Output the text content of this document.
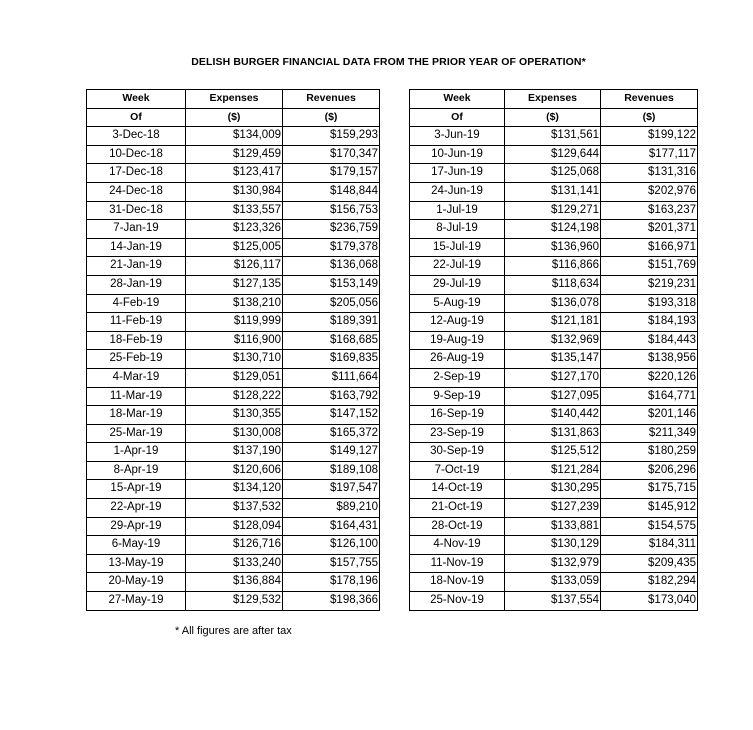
DELISH BURGER FINANCIAL DATA FROM THE PRIOR YEAR OF OPERATION*
Week	Expenses	Revenues
Of	($)	($)
3-Dec-18	$134,009	$159,293
10-Dec-18	$129,459	$170,347
17-Dec-18	$123,417	$179,157
24-Dec-18	$130,984	$148,844
31-Dec-18	$133,557	$156,753
7-Jan-19	$123,326	$236,759
14-Jan-19	$125,005	$179,378
21-Jan-19	$126,117	$136,068
28-Jan-19	$127,135	$153,149
4-Feb-19	$138,210	$205,056
11-Feb-19	$119,999	$189,391
18-Feb-19	$116,900	$168,685
25-Feb-19	$130,710	$169,835
4-Mar-19	$129,051	$111,664
11-Mar-19	$128,222	$163,792
18-Mar-19	$130,355	$147,152
25-Mar-19	$130,008	$165,372
1-Apr-19	$137,190	$149,127
8-Apr-19	$120,606	$189,108
15-Apr-19	$134,120	$197,547
22-Apr-19	$137,532	$89,210
29-Apr-19	$128,094	$164,431
6-May-19	$126,716	$126,100
13-May-19	$133,240	$157,755
20-May-19	$136,884	$178,196
27-May-19	$129,532	$198,366
Week	Expenses	Revenues
Of	($)	($)
3-Jun-19	$131,561	$199,122
10-Jun-19	$129,644	$177,117
17-Jun-19	$125,068	$131,316
24-Jun-19	$131,141	$202,976
1-Jul-19	$129,271	$163,237
8-Jul-19	$124,198	$201,371
15-Jul-19	$136,960	$166,971
22-Jul-19	$116,866	$151,769
29-Jul-19	$118,634	$219,231
5-Aug-19	$136,078	$193,318
12-Aug-19	$121,181	$184,193
19-Aug-19	$132,969	$184,443
26-Aug-19	$135,147	$138,956
2-Sep-19	$127,170	$220,126
9-Sep-19	$127,095	$164,771
16-Sep-19	$140,442	$201,146
23-Sep-19	$131,863	$211,349
30-Sep-19	$125,512	$180,259
7-Oct-19	$121,284	$206,296
14-Oct-19	$130,295	$175,715
21-Oct-19	$127,239	$145,912
28-Oct-19	$133,881	$154,575
4-Nov-19	$130,129	$184,311
11-Nov-19	$132,979	$209,435
18-Nov-19	$133,059	$182,294
25-Nov-19	$137,554	$173,040
* All figures are after tax
